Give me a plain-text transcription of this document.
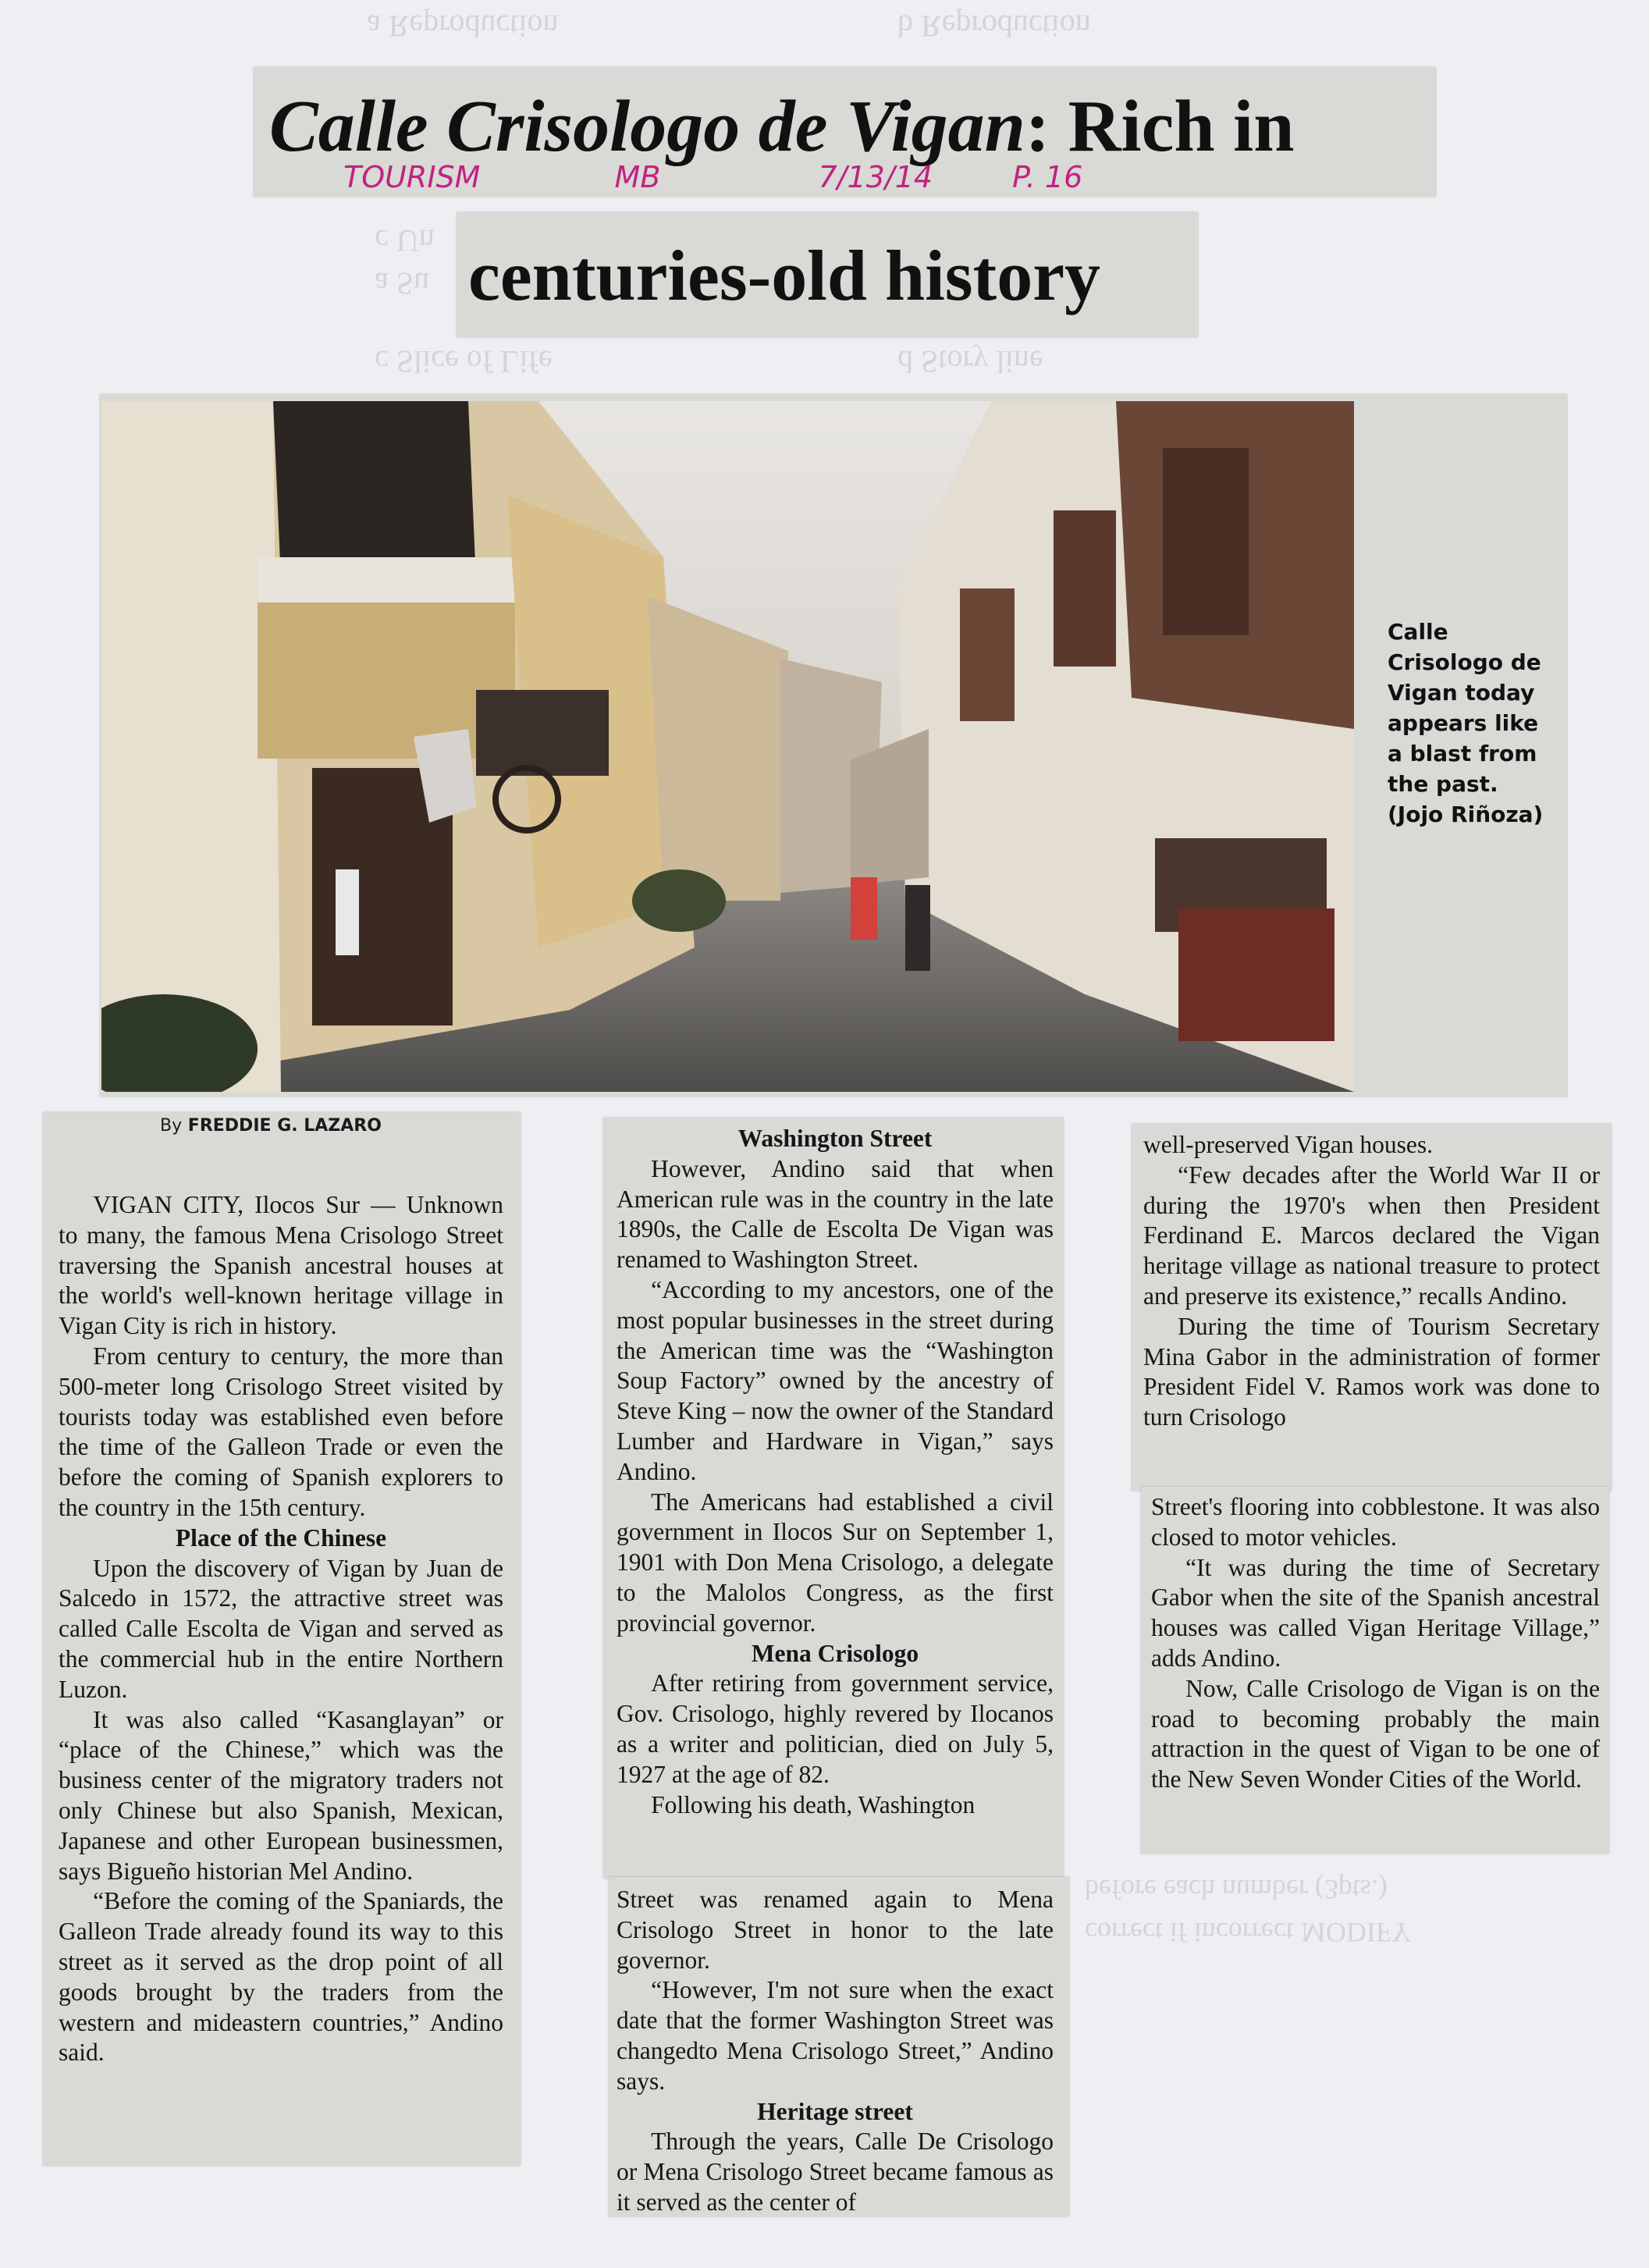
a Reproduction	b Reproduction
c Un
a Su
c Slice of Life	d Story line
before each number (3pts.)
correct if incorrect MODIFY
Calle Crisologo de Vigan: Rich in
TOURISM	MB	7/13/14	P. 16
centuries-old history
Calle Crisologo de Vigan today appears like a blast from the past. (Jojo Riñoza)
By FREDDIE G. LAZARO

VIGAN CITY, Ilocos Sur — Unknown to many, the famous Mena Crisologo Street traversing the Spanish ancestral houses at the world's well-known heritage village in Vigan City is rich in history.

From century to century, the more than 500-meter long Crisologo Street visited by tourists today was established even before the time of the Galleon Trade or even the before the coming of Spanish explorers to the country in the 15th century.

Place of the Chinese

Upon the discovery of Vigan by Juan de Salcedo in 1572, the attractive street was called Calle Escolta de Vigan and served as the commercial hub in the entire Northern Luzon.

It was also called “Kasanglayan” or “place of the Chinese,” which was the business center of the migratory traders not only Chinese but also Spanish, Mexican, Japanese and other European businessmen, says Bigueño historian Mel Andino.

“Before the coming of the Spaniards, the Galleon Trade already found its way to this street as it served as the drop point of all goods brought by the traders from the western and mideastern countries,” Andino said.

Washington Street

However, Andino said that when American rule was in the country in the late 1890s, the Calle de Escolta De Vigan was renamed to Washington Street.

“According to my ancestors, one of the most popular businesses in the street during the American time was the “Washington Soup Factory” owned by the ancestry of Steve King – now the owner of the Standard Lumber and Hardware in Vigan,” says Andino.

The Americans had established a civil government in Ilocos Sur on September 1, 1901 with Don Mena Crisologo, a delegate to the Malolos Congress, as the first provincial governor.

Mena Crisologo

After retiring from government service, Gov. Crisologo, highly revered by Ilocanos as a writer and politician, died on July 5, 1927 at the age of 82.

Following his death, Washington

Street was renamed again to Mena Crisologo Street in honor to the late governor.

“However, I'm not sure when the exact date that the former Washington Street was changedto Mena Crisologo Street,” Andino says.

Heritage street

Through the years, Calle De Crisologo or Mena Crisologo Street became famous as it served as the center of

well-preserved Vigan houses.

“Few decades after the World War II or during the 1970's when then President Ferdinand E. Marcos declared the Vigan heritage village as national treasure to protect and preserve its existence,” recalls Andino.

During the time of Tourism Secretary Mina Gabor in the administration of former President Fidel V. Ramos work was done to turn Crisologo

Street's flooring into cobblestone. It was also closed to motor vehicles.

“It was during the time of Secretary Gabor when the site of the Spanish ancestral houses was called Vigan Heritage Village,” adds Andino.

Now, Calle Crisologo de Vigan is on the road to becoming probably the main attraction in the quest of Vigan to be one of the New Seven Wonder Cities of the World.
